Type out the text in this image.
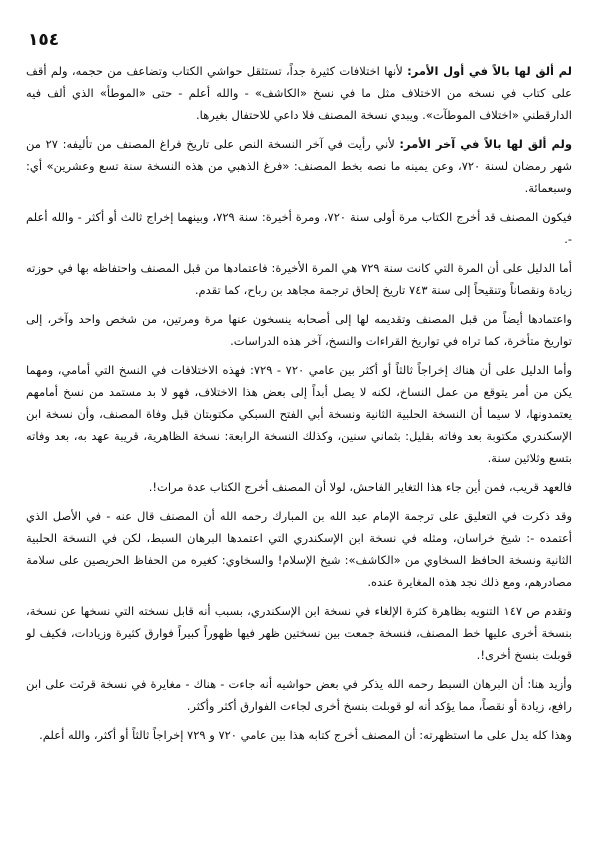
١٥٤

لم ألق لها بالاً في أول الأمر: لأنها اختلافات كثيرة جداً، تستثقل حواشي الكتاب وتضاعف من حجمه، ولم أقف على كتاب في نسخه من الاختلاف مثل ما في نسخ «الكاشف» - والله أعلم - حتى «الموطأ» الذي ألف فيه الدارقطني «اختلاف الموطآت». ويبدي نسخة المصنف فلا داعي للاحتفال بغيرها.

ولم ألق لها بالاً في آخر الأمر: لأني رأيت في آخر النسخة النص على تاريخ فراغ المصنف من تأليفه: ٢٧ من شهر رمضان لسنة ٧٢٠، وعن يمينه ما نصه بخط المصنف: «فرغ الذهبي من هذه النسخة سنة تسع وعشرين» أي: وسبعمائة.

فيكون المصنف قد أخرج الكتاب مرة أولى سنة ٧٢٠، ومرة أخيرة: سنة ٧٢٩، وبينهما إخراج ثالث أو أكثر - والله أعلم -.

أما الدليل على أن المرة التي كانت سنة ٧٢٩ هي المرة الأخيرة: فاعتمادها من قبل المصنف واحتفاظه بها في حوزته زيادة ونقصاناً وتنقيحاً إلى سنة ٧٤٣ تاريخ إلحاق ترجمة مجاهد بن رباح، كما تقدم.

واعتمادها أيضاً من قبل المصنف وتقديمه لها إلى أصحابه ينسخون عنها مرة ومرتين، من شخص واحد وآخر، إلى تواريخ متأخرة، كما تراه في تواريخ القراءات والنسخ، آخر هذه الدراسات.

وأما الدليل على أن هناك إخراجاً ثالثاً أو أكثر بين عامي ٧٢٠ - ٧٢٩: فهذه الاختلافات في النسخ التي أمامي، ومهما يكن من أمر يتوقع من عمل النساخ، لكنه لا يصل أبداً إلى بعض هذا الاختلاف، فهو لا بد مستمد من نسخ أمامهم يعتمدونها، لا سيما أن النسخة الحلبية الثانية ونسخة أبي الفتح السبكي مكتوبتان قبل وفاة المصنف، وأن نسخة ابن الإسكندري مكتوبة بعد وفاته بقليل: بثماني سنين، وكذلك النسخة الرابعة: نسخة الظاهرية، قريبة عهد به، بعد وفاته بتسع وثلاثين سنة.

فالعهد قريب، فمن أين جاء هذا التغاير الفاحش، لولا أن المصنف أخرج الكتاب عدة مرات!.

وقد ذكرت في التعليق على ترجمة الإمام عبد الله بن المبارك رحمه الله أن المصنف قال عنه - في الأصل الذي أعتمده -: شيخ خراسان، ومثله في نسخة ابن الإسكندري التي اعتمدها البرهان السبط، لكن في النسخة الحلبية الثانية ونسخة الحافظ السخاوي من «الكاشف»: شيخ الإسلام! والسخاوي: كغيره من الحفاظ الحريصين على سلامة مصادرهم، ومع ذلك نجد هذه المغايرة عنده.

وتقدم ص ١٤٧ التنويه بظاهرة كثرة الإلغاء في نسخة ابن الإسكندري، بسبب أنه قابل نسخته التي نسخها عن نسخة، بنسخة أخرى عليها خط المصنف، فنسخة جمعت بين نسختين ظهر فيها ظهوراً كبيراً فوارق كثيرة وزيادات، فكيف لو قوبلت بنسخ أخرى!.

وأزيد هنا: أن البرهان السبط رحمه الله يذكر في بعض حواشيه أنه جاءت - هناك - مغايرة في نسخة قرئت على ابن رافع، زيادة أو نقصاً، مما يؤكد أنه لو قوبلت بنسخ أخرى لجاءت الفوارق أكثر وأكثر.

وهذا كله يدل على ما استظهرته: أن المصنف أخرج كتابه هذا بين عامي ٧٢٠ و ٧٢٩ إخراجاً ثالثاً أو أكثر، والله أعلم.
